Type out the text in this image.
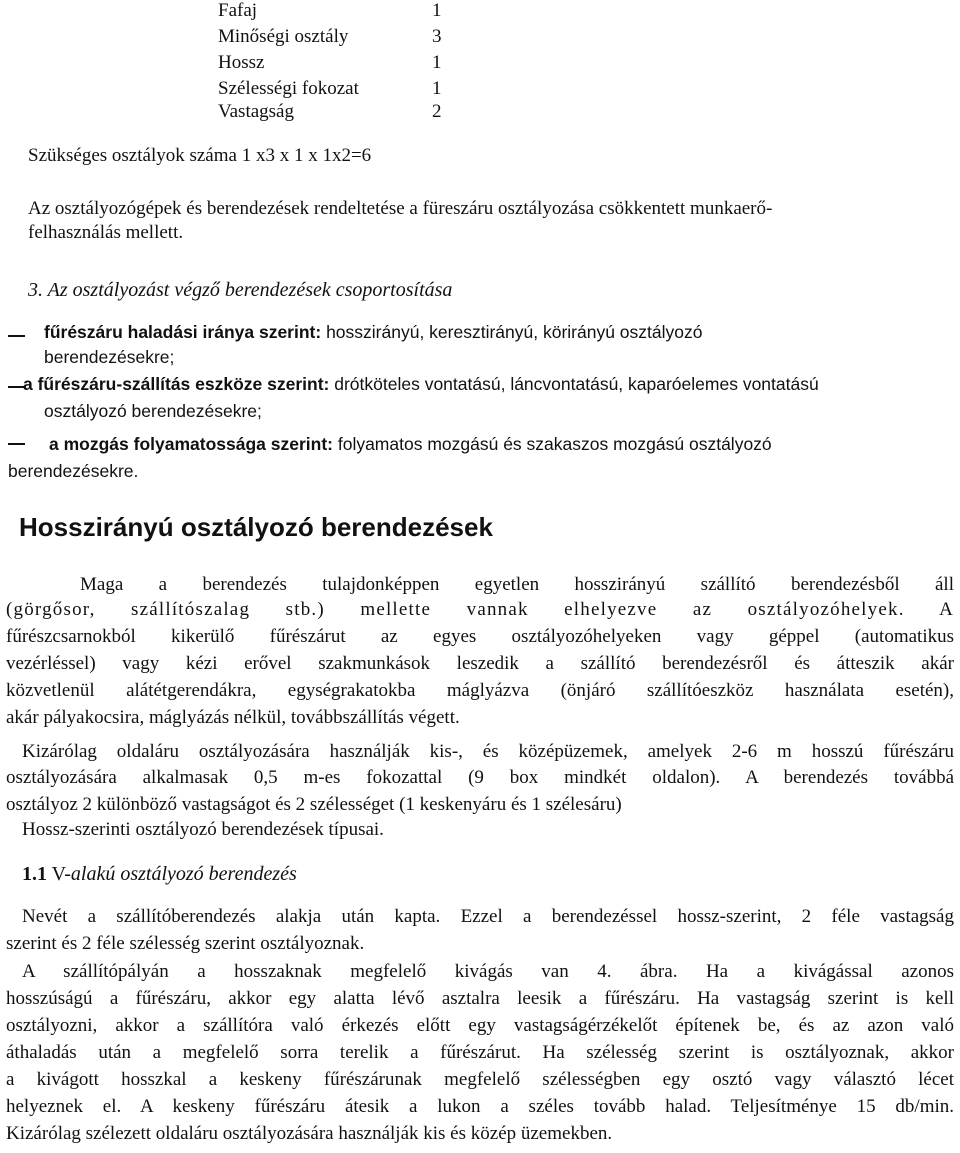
Fafaj	1
Minőségi osztály	3
Hossz	1
Szélességi fokozat	1
Vastagság	2
Szükséges osztályok száma 1 x3 x 1 x 1x2=6
Az osztályozógépek és berendezések rendeltetése a füreszáru osztályozása csökkentett munkaerő-
felhasználás mellett.
3. Az osztályozást végző berendezések csoportosítása
fűrészáru haladási iránya szerint: hosszirányú, keresztirányú, körirányú osztályozó
berendezésekre;
a fűrészáru-szállítás eszköze szerint: drótköteles vontatású, láncvontatású, kaparóelemes vontatású
osztályozó berendezésekre;
a mozgás folyamatossága szerint: folyamatos mozgású és szakaszos mozgású osztályozó
berendezésekre.
Hosszirányú osztályozó berendezések
Maga a berendezés tulajdonképpen egyetlen hosszirányú szállító berendezésből áll
(görgősor, szállítószalag stb.) mellette vannak elhelyezve az osztályozóhelyek. A
fűrészcsarnokból kikerülő fűrészárut az egyes osztályozóhelyeken vagy géppel (automatikus
vezérléssel) vagy kézi erővel szakmunkások leszedik a szállító berendezésről és átteszik akár
közvetlenül alátétgerendákra, egységrakatokba máglyázva (önjáró szállítóeszköz használata esetén),
akár pályakocsira, máglyázás nélkül, továbbszállítás végett.
Kizárólag oldaláru osztályozására használják kis-, és középüzemek, amelyek 2-6 m hosszú fűrészáru
osztályozására alkalmasak 0,5 m-es fokozattal (9 box mindkét oldalon). A berendezés továbbá
osztályoz 2 különböző vastagságot és 2 szélességet (1 keskenyáru és 1 szélesáru)
Hossz-szerinti osztályozó berendezések típusai.
1.1 V-alakú osztályozó berendezés
Nevét a szállítóberendezés alakja után kapta. Ezzel a berendezéssel hossz-szerint, 2 féle vastagság
szerint és 2 féle szélesség szerint osztályoznak.
A szállítópályán a hosszaknak megfelelő kivágás van 4. ábra. Ha a kivágással azonos
hosszúságú a fűrészáru, akkor egy alatta lévő asztalra leesik a fűrészáru. Ha vastagság szerint is kell
osztályozni, akkor a szállítóra való érkezés előtt egy vastagságérzékelőt építenek be, és az azon való
áthaladás után a megfelelő sorra terelik a fűrészárut. Ha szélesség szerint is osztályoznak, akkor
a kivágott hosszkal a keskeny fűrészárunak megfelelő szélességben egy osztó vagy választó lécet
helyeznek el. A keskeny fűrészáru átesik a lukon a széles tovább halad. Teljesítménye 15 db/min.
Kizárólag szélezett oldaláru osztályozására használják kis és közép üzemekben.
